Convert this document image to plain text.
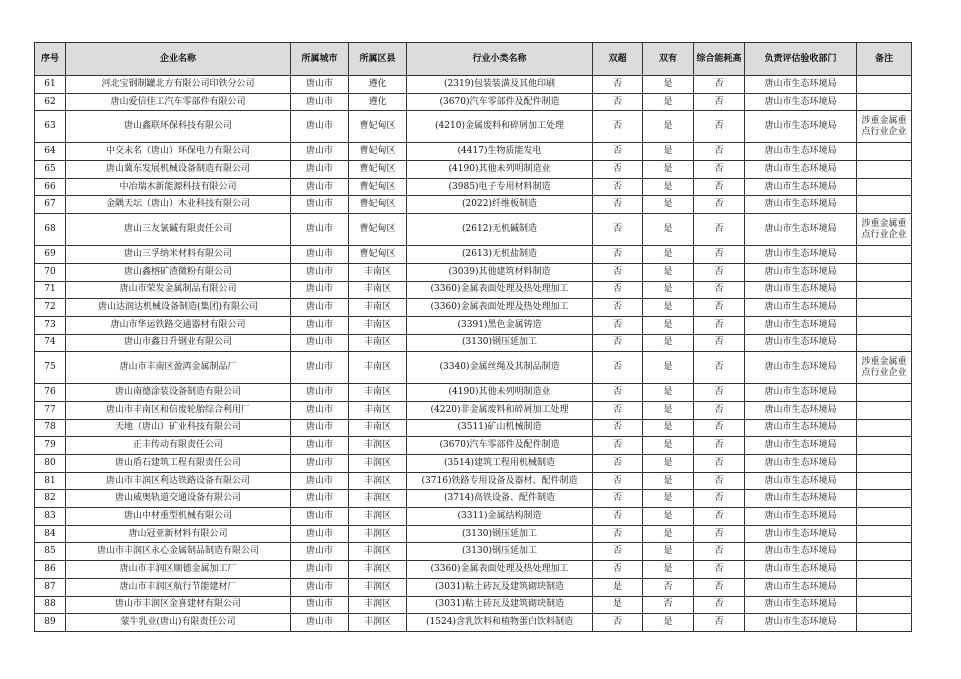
序号	企业名称	所属城市	所属区县	行业小类名称	双超	双有	综合能耗高	负责评估验收部门	备注
61	河北宝钢制罐北方有限公司印铁分公司	唐山市	遵化	(2319)包装装潢及其他印刷	否	是	否	唐山市生态环境局	
62	唐山爱信佳工汽车零部件有限公司	唐山市	遵化	(3670)汽车零部件及配件制造	否	是	否	唐山市生态环境局	
63	唐山鑫联环保科技有限公司	唐山市	曹妃甸区	(4210)金属废料和碎屑加工处理	否	是	否	唐山市生态环境局	涉重金属重点行业企业
64	中交未名（唐山）环保电力有限公司	唐山市	曹妃甸区	(4417)生物质能发电	否	是	否	唐山市生态环境局	
65	唐山冀东发展机械设备制造有限公司	唐山市	曹妃甸区	(4190)其他未列明制造业	否	是	否	唐山市生态环境局	
66	中冶瑞木新能源科技有限公司	唐山市	曹妃甸区	(3985)电子专用材料制造	否	是	否	唐山市生态环境局	
67	金隅天坛（唐山）木业科技有限公司	唐山市	曹妃甸区	(2022)纤维板制造	否	是	否	唐山市生态环境局	
68	唐山三友氯碱有限责任公司	唐山市	曹妃甸区	(2612)无机碱制造	否	是	否	唐山市生态环境局	涉重金属重点行业企业
69	唐山三孚纳米材料有限公司	唐山市	曹妃甸区	(2613)无机盐制造	否	是	否	唐山市生态环境局	
70	唐山鑫榕矿渣微粉有限公司	唐山市	丰南区	(3039)其他建筑材料制造	否	是	否	唐山市生态环境局	
71	唐山市荣发金属制品有限公司	唐山市	丰南区	(3360)金属表面处理及热处理加工	否	是	否	唐山市生态环境局	
72	唐山达润达机械设备制造(集团)有限公司	唐山市	丰南区	(3360)金属表面处理及热处理加工	否	是	否	唐山市生态环境局	
73	唐山市华运铁路交通器材有限公司	唐山市	丰南区	(3391)黑色金属铸造	否	是	否	唐山市生态环境局	
74	唐山市鑫日升钢业有限公司	唐山市	丰南区	(3130)钢压延加工	否	是	否	唐山市生态环境局	
75	唐山市丰南区盈鸿金属制品厂	唐山市	丰南区	(3340)金属丝绳及其制品制造	否	是	否	唐山市生态环境局	涉重金属重点行业企业
76	唐山南德涂装设备制造有限公司	唐山市	丰南区	(4190)其他未列明制造业	否	是	否	唐山市生态环境局	
77	唐山市丰南区和信废轮胎综合利用厂	唐山市	丰南区	(4220)非金属废料和碎屑加工处理	否	是	否	唐山市生态环境局	
78	天地（唐山）矿业科技有限公司	唐山市	丰南区	(3511)矿山机械制造	否	是	否	唐山市生态环境局	
79	正丰传动有限责任公司	唐山市	丰润区	(3670)汽车零部件及配件制造	否	是	否	唐山市生态环境局	
80	唐山盾石建筑工程有限责任公司	唐山市	丰润区	(3514)建筑工程用机械制造	否	是	否	唐山市生态环境局	
81	唐山市丰润区利达铁路设备有限公司	唐山市	丰润区	(3716)铁路专用设备及器材、配件制造	否	是	否	唐山市生态环境局	
82	唐山威奥轨道交通设备有限公司	唐山市	丰润区	(3714)高铁设备、配件制造	否	是	否	唐山市生态环境局	
83	唐山中材重型机械有限公司	唐山市	丰润区	(3311)金属结构制造	否	是	否	唐山市生态环境局	
84	唐山冠亚新材料有限公司	唐山市	丰润区	(3130)钢压延加工	否	是	否	唐山市生态环境局	
85	唐山市丰润区永心金属制品制造有限公司	唐山市	丰润区	(3130)钢压延加工	否	是	否	唐山市生态环境局	
86	唐山市丰润区顺德金属加工厂	唐山市	丰润区	(3360)金属表面处理及热处理加工	否	是	否	唐山市生态环境局	
87	唐山市丰润区航行节能建材厂	唐山市	丰润区	(3031)粘土砖瓦及建筑砌块制造	是	否	否	唐山市生态环境局	
88	唐山市丰润区金喜建材有限公司	唐山市	丰润区	(3031)粘土砖瓦及建筑砌块制造	是	否	否	唐山市生态环境局	
89	蒙牛乳业(唐山)有限责任公司	唐山市	丰润区	(1524)含乳饮料和植物蛋白饮料制造	否	是	否	唐山市生态环境局	
